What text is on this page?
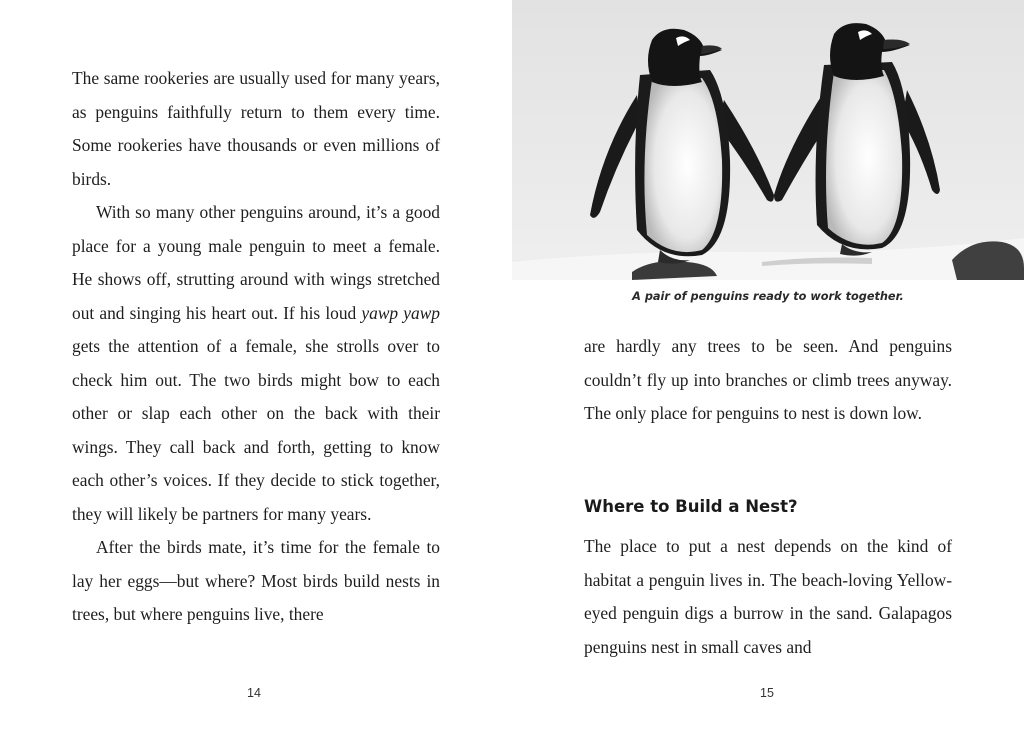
The same rookeries are usually used for many years, as penguins faithfully return to them every time. Some rookeries have thousands or even millions of birds.

With so many other penguins around, it’s a good place for a young male penguin to meet a female. He shows off, strutting around with wings stretched out and singing his heart out. If his loud yawp yawp gets the attention of a female, she strolls over to check him out. The two birds might bow to each other or slap each other on the back with their wings. They call back and forth, getting to know each other’s voices. If they decide to stick together, they will likely be partners for many years.

After the birds mate, it’s time for the female to lay her eggs—but where? Most birds build nests in trees, but where penguins live, there

14
A pair of penguins ready to work together.

are hardly any trees to be seen. And penguins couldn’t fly up into branches or climb trees anyway. The only place for penguins to nest is down low.

Where to Build a Nest?

The place to put a nest depends on the kind of habitat a penguin lives in. The beach-loving Yellow-eyed penguin digs a burrow in the sand. Galapagos penguins nest in small caves and

15
